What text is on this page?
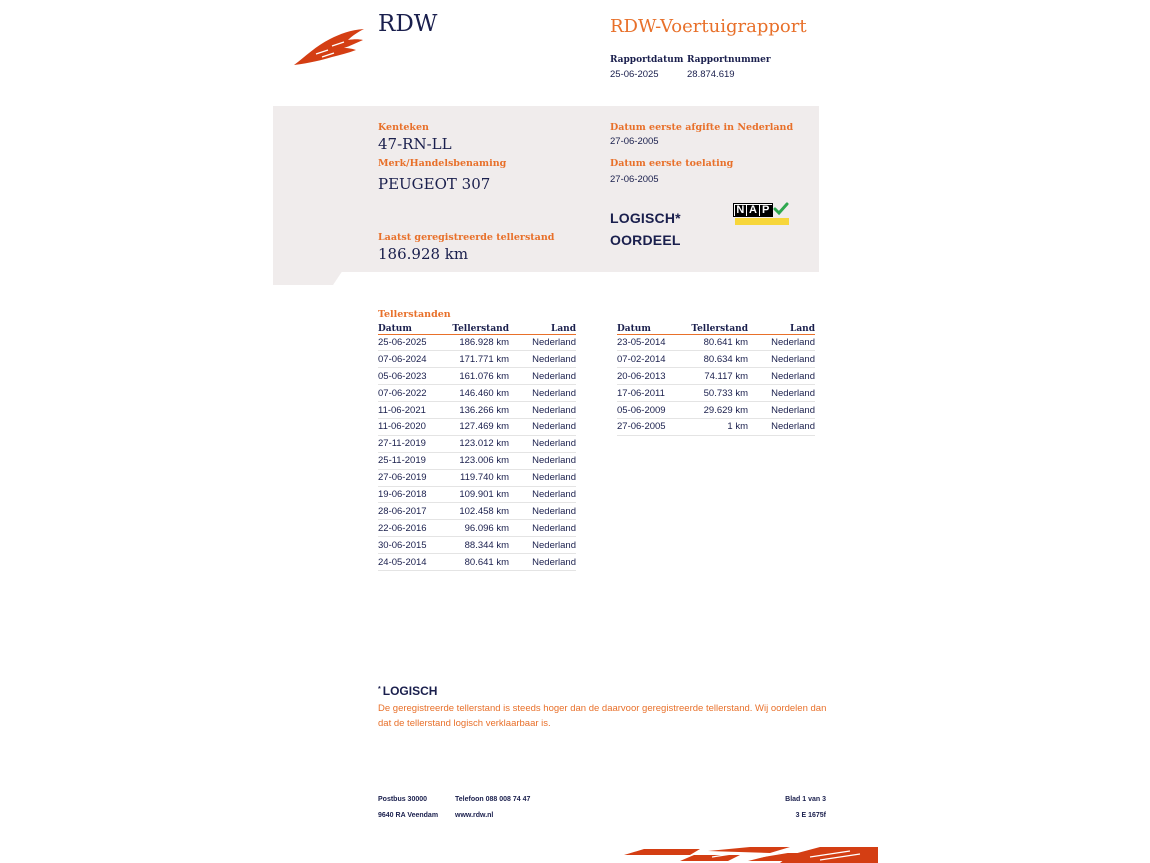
RDW	RDW-Voertuigrapport
Rapportdatum
25-06-2025
Rapportnummer
28.874.619
Kenteken
47-RN-LL
Merk/Handelsbenaming
PEUGEOT 307
Laatst geregistreerde tellerstand
186.928 km
Datum eerste afgifte in Nederland
27-06-2005
Datum eerste toelating
27-06-2005
LOGISCH*
OORDEEL
N A P
Tellerstanden
Datum	Tellerstand	Land
25-06-2025	186.928 km	Nederland
07-06-2024	171.771 km	Nederland
05-06-2023	161.076 km	Nederland
07-06-2022	146.460 km	Nederland
11-06-2021	136.266 km	Nederland
11-06-2020	127.469 km	Nederland
27-11-2019	123.012 km	Nederland
25-11-2019	123.006 km	Nederland
27-06-2019	119.740 km	Nederland
19-06-2018	109.901 km	Nederland
28-06-2017	102.458 km	Nederland
22-06-2016	96.096 km	Nederland
30-06-2015	88.344 km	Nederland
24-05-2014	80.641 km	Nederland
Datum	Tellerstand	Land
23-05-2014	80.641 km	Nederland
07-02-2014	80.634 km	Nederland
20-06-2013	74.117 km	Nederland
17-06-2011	50.733 km	Nederland
05-06-2009	29.629 km	Nederland
27-06-2005	1 km	Nederland
* LOGISCH
De geregistreerde tellerstand is steeds hoger dan de daarvoor geregistreerde tellerstand. Wij oordelen dan dat de tellerstand logisch verklaarbaar is.
Postbus 30000
9640 RA Veendam
Telefoon 088 008 74 47
www.rdw.nl
Blad 1 van 3
3 E 1675f
